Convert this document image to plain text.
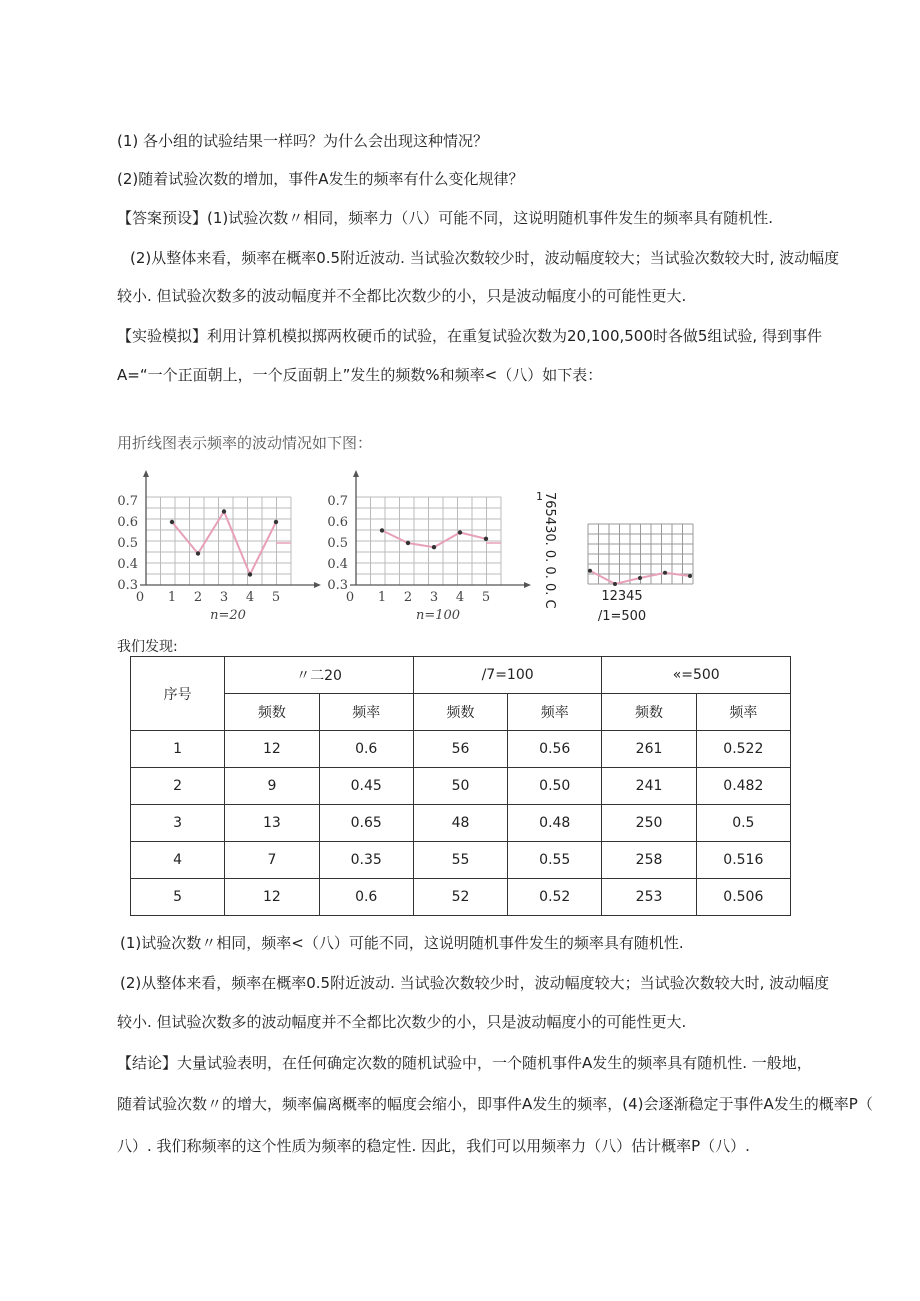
(1) 各小组的试验结果一样吗？为什么会出现这种情况？
(2)随着试验次数的增加，事件A发生的频率有什么变化规律？
【答案预设】(1)试验次数〃相同，频率力（八）可能不同，这说明随机事件发生的频率具有随机性.
(2)从整体来看，频率在概率0.5附近波动. 当试验次数较少时，波动幅度较大；当试验次数较大时, 波动幅度
较小. 但试验次数多的波动幅度并不全都比次数少的小，只是波动幅度小的可能性更大.
【实验模拟】利用计算机模拟掷两枚硬币的试验，在重复试验次数为20,100,500时各做5组试验, 得到事件
A=“一个正面朝上，一个反面朝上”发生的频数%和频率<（八）如下表：
用折线图表示频率的波动情况如下图：
0.3
0.4
0.5
0.6
0.7
0 1 2 3 4 5
n=20
0.3
0.4
0.5
0.6
0.7
0 1 2 3 4 5
n=100
765430. 0. 0. 0. C
1
12345
/1=500
我们发现:
序号	〃二20		/7=100		«=500	
	频数	频率	频数	频率	频数	频率
1	12	0.6	56	0.56	261	0.522
2	9	0.45	50	0.50	241	0.482
3	13	0.65	48	0.48	250	0.5
4	7	0.35	55	0.55	258	0.516
5	12	0.6	52	0.52	253	0.506
(1)试验次数〃相同，频率<（八）可能不同，这说明随机事件发生的频率具有随机性.
(2)从整体来看，频率在概率0.5附近波动. 当试验次数较少时，波动幅度较大；当试验次数较大时, 波动幅度
较小. 但试验次数多的波动幅度并不全都比次数少的小，只是波动幅度小的可能性更大.
【结论】大量试验表明，在任何确定次数的随机试验中，一个随机事件A发生的频率具有随机性. 一般地，
随着试验次数〃的增大，频率偏离概率的幅度会缩小，即事件A发生的频率，(4)会逐渐稳定于事件A发生的概率P（
八）. 我们称频率的这个性质为频率的稳定性. 因此，我们可以用频率力（八）估计概率P（八）.
